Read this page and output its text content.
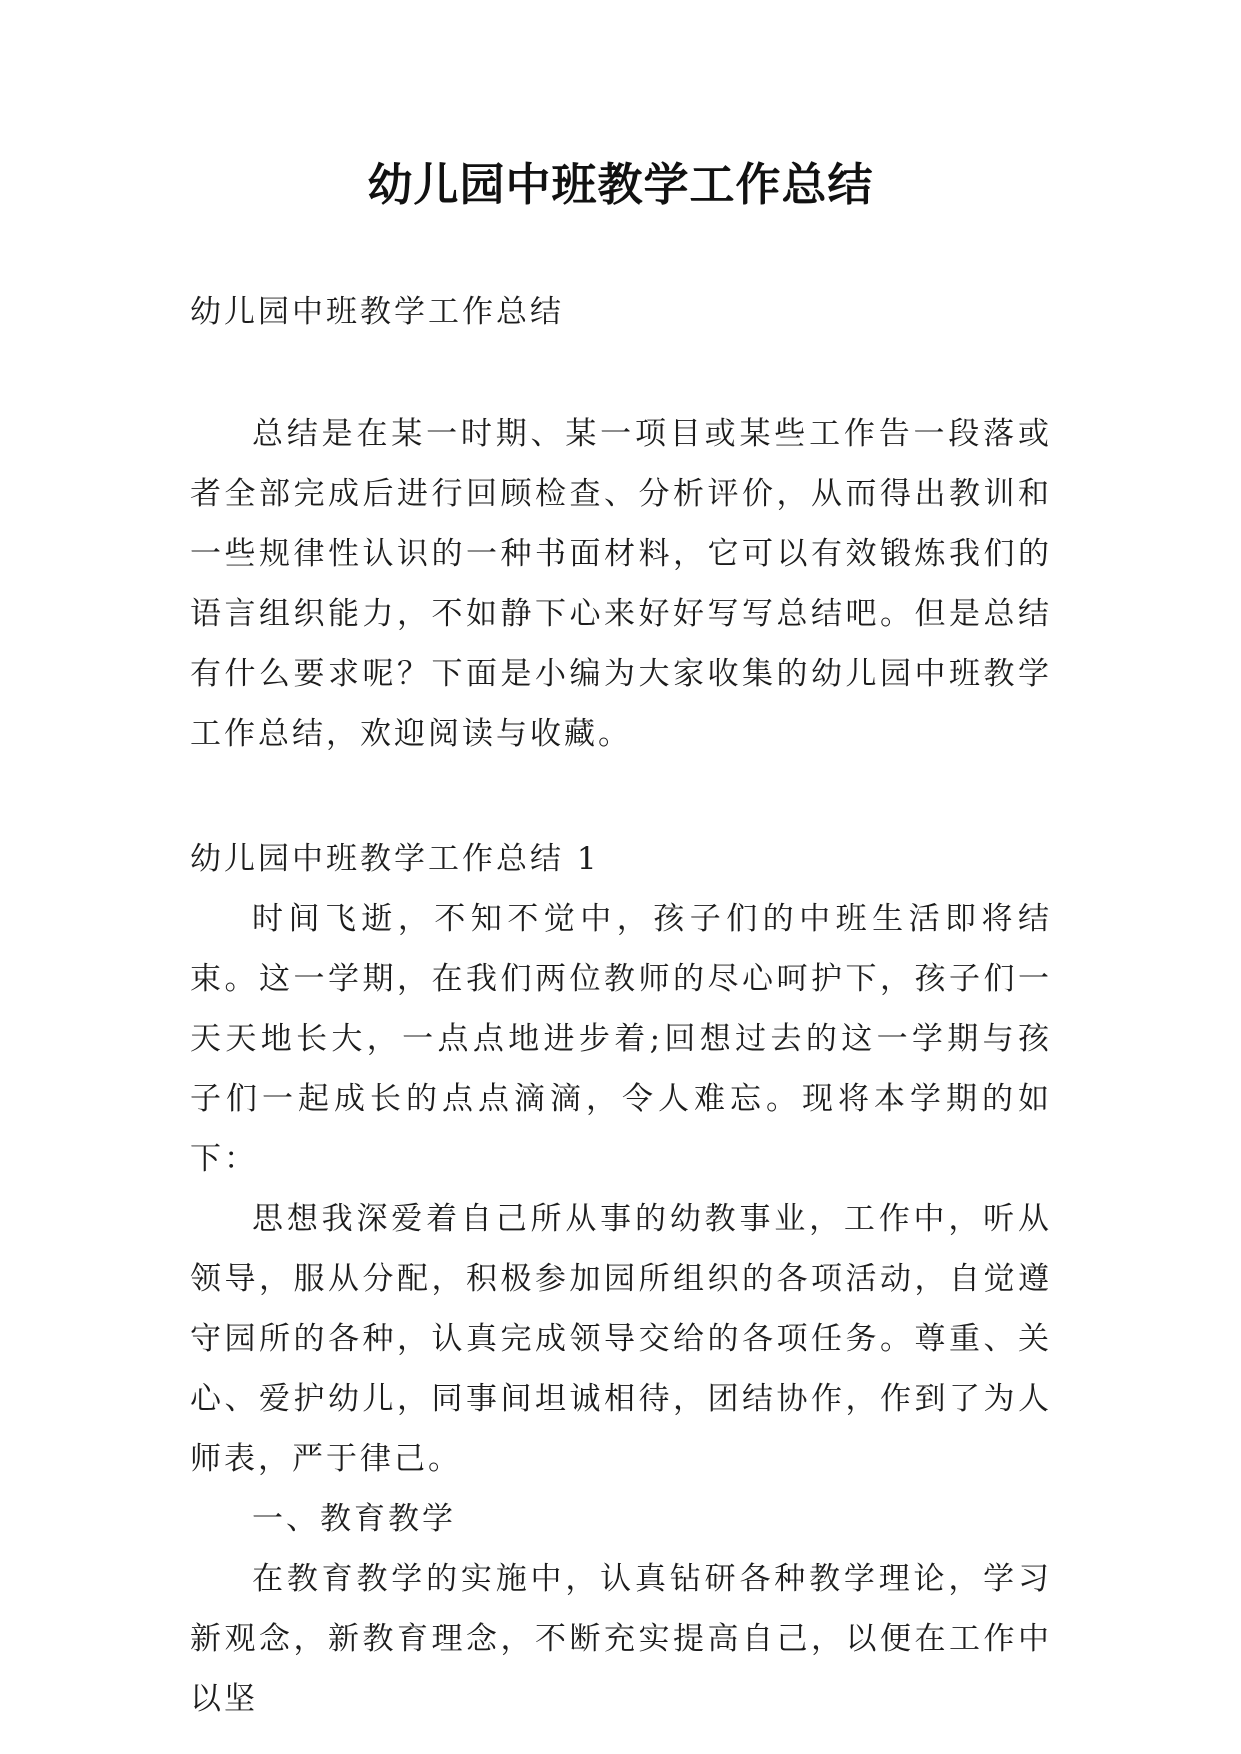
幼儿园中班教学工作总结

幼儿园中班教学工作总结

总结是在某一时期、某一项目或某些工作告一段落或者全部完成后进行回顾检查、分析评价，从而得出教训和一些规律性认识的一种书面材料，它可以有效锻炼我们的语言组织能力，不如静下心来好好写写总结吧。但是总结有什么要求呢？下面是小编为大家收集的幼儿园中班教学工作总结，欢迎阅读与收藏。

幼儿园中班教学工作总结 1

时间飞逝，不知不觉中，孩子们的中班生活即将结束。这一学期，在我们两位教师的尽心呵护下，孩子们一天天地长大，一点点地进步着;回想过去的这一学期与孩子们一起成长的点点滴滴，令人难忘。现将本学期的如下：

思想我深爱着自己所从事的幼教事业，工作中，听从领导，服从分配，积极参加园所组织的各项活动，自觉遵守园所的各种，认真完成领导交给的各项任务。尊重、关心、爱护幼儿，同事间坦诚相待，团结协作，作到了为人师表，严于律己。

一、教育教学

在教育教学的实施中，认真钻研各种教学理论，学习新观念，新教育理念，不断充实提高自己，以便在工作中以坚
